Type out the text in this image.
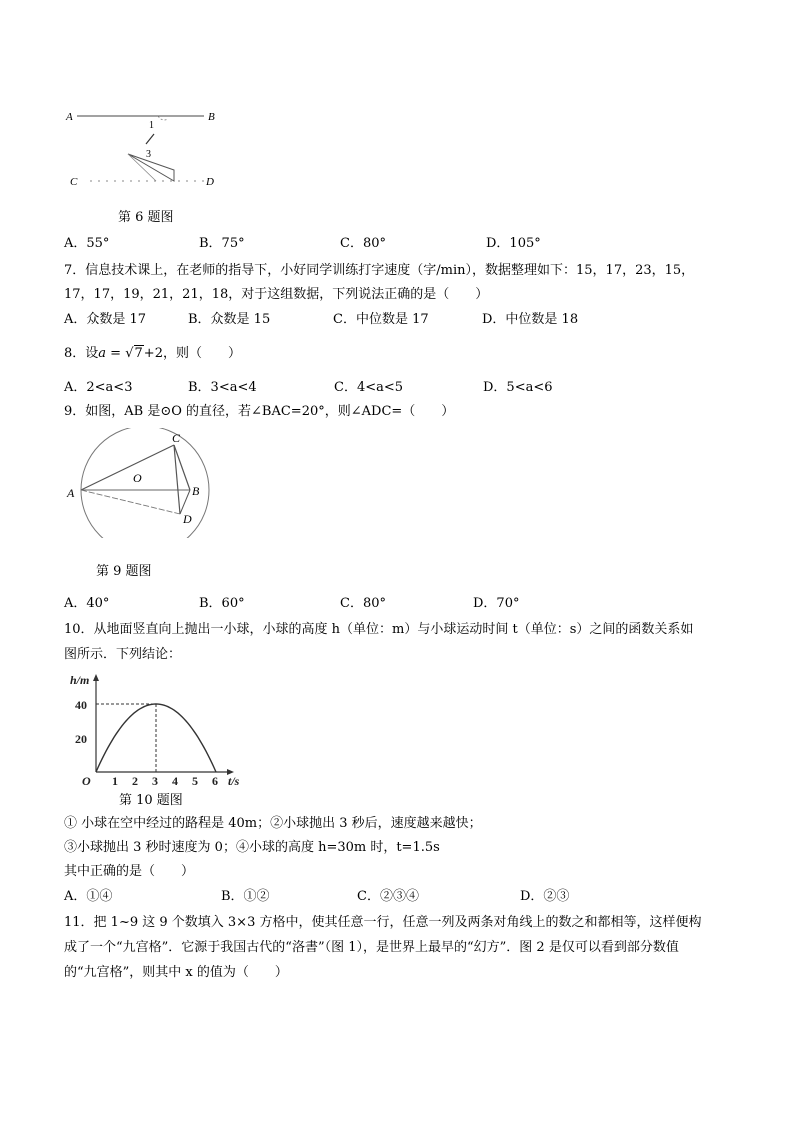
A	B
C	D
1
3
第 6 题图
A．55°	B．75°	C．80°	D．105°
7．信息技术课上，在老师的指导下，小好同学训练打字速度（字/min），数据整理如下：15，17，23，15，
17，17，19，21，21，18，对于这组数据，下列说法正确的是（　　）
A．众数是 17	B．众数是 15	C．中位数是 17	D．中位数是 18
8．设a = √7+2，则（　　）
A．2<a<3	B．3<a<4	C．4<a<5	D．5<a<6
9．如图，AB 是⊙O 的直径，若∠BAC=20°，则∠ADC=（　　）
A	B
C
D
O
第 9 题图
A．40°	B．60°	C．80°	D．70°
10．从地面竖直向上抛出一小球，小球的高度 h（单位：m）与小球运动时间 t（单位：s）之间的函数关系如
图所示．下列结论：
1 2 3 4 5 6
20
40
O	t/s
h/m
第 10 题图
① 小球在空中经过的路程是 40m；②小球抛出 3 秒后，速度越来越快；
③小球抛出 3 秒时速度为 0；④小球的高度 h=30m 时，t=1.5s
其中正确的是（　　）
A．①④	B．①②	C．②③④	D．②③
11．把 1~9 这 9 个数填入 3×3 方格中，使其任意一行，任意一列及两条对角线上的数之和都相等，这样便构
成了一个“九宫格”．它源于我国古代的“洛書”（图 1），是世界上最早的“幻方”．图 2 是仅可以看到部分数值
的“九宫格”，则其中 x 的值为（　　）
